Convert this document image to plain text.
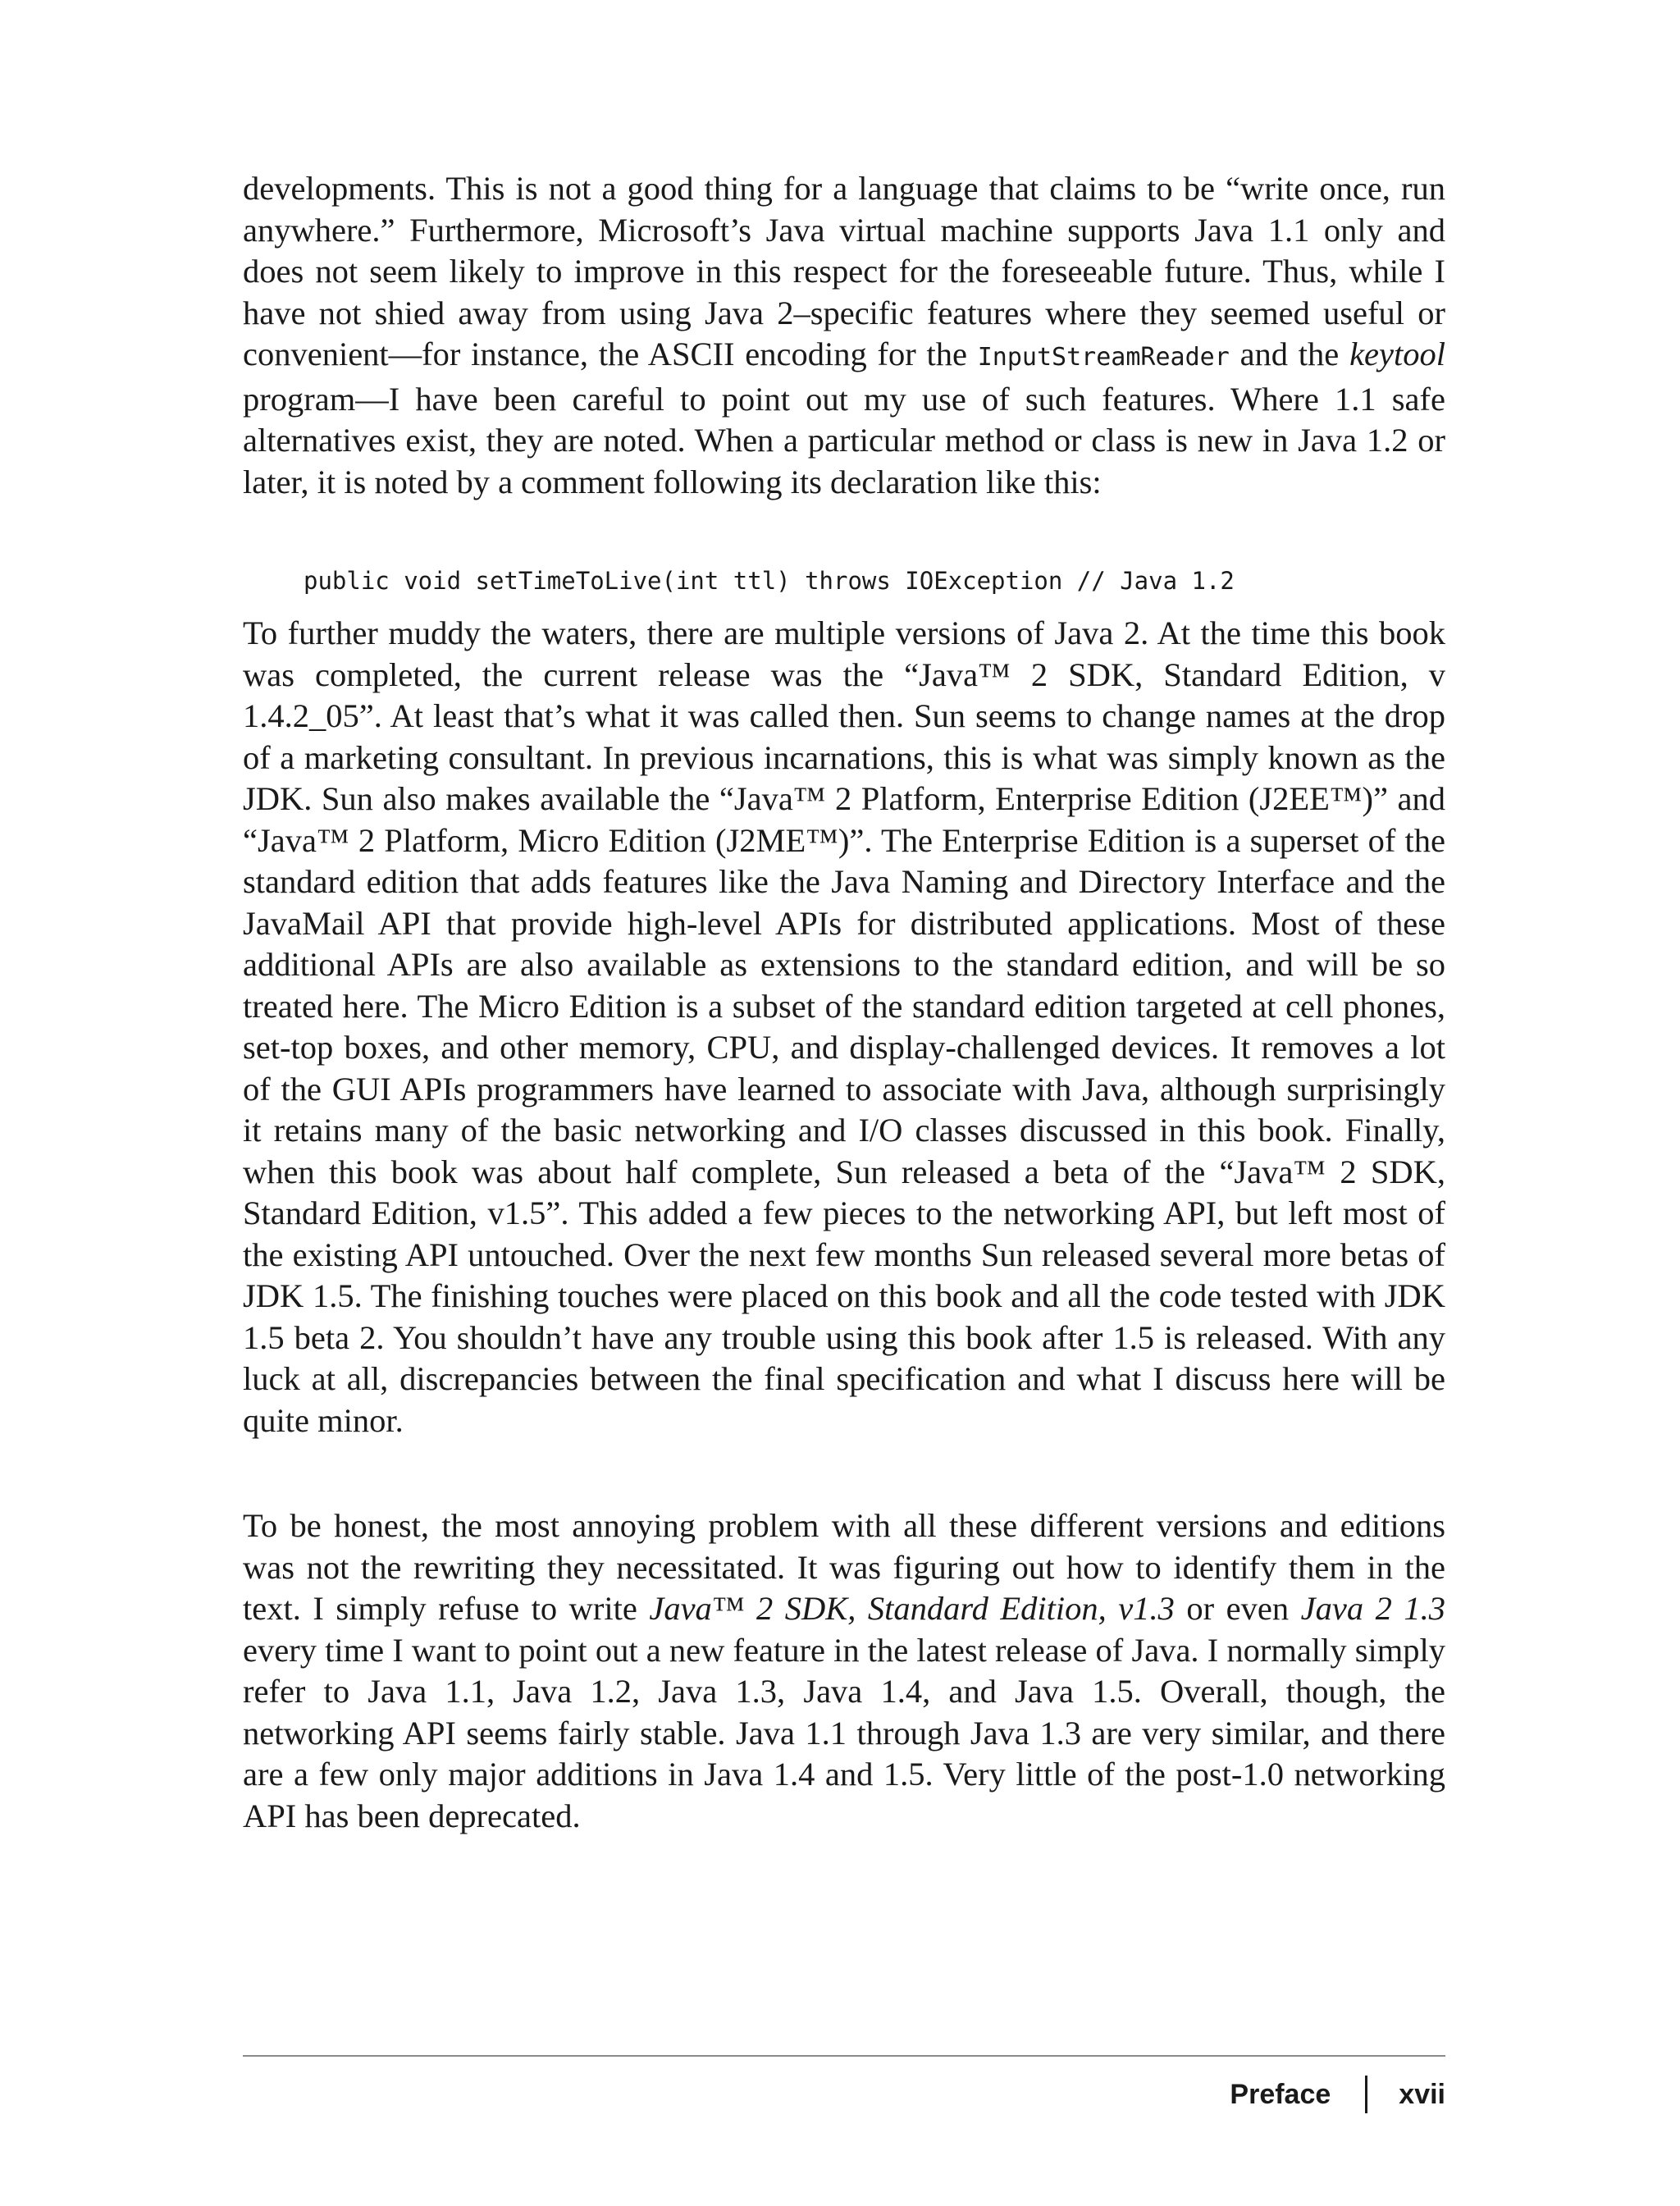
developments. This is not a good thing for a language that claims to be “write once, run anywhere.” Furthermore, Microsoft’s Java virtual machine supports Java 1.1 only and does not seem likely to improve in this respect for the foreseeable future. Thus, while I have not shied away from using Java 2–specific features where they seemed useful or convenient—for instance, the ASCII encoding for the InputStreamReader and the keytool program—I have been careful to point out my use of such features. Where 1.1 safe alternatives exist, they are noted. When a particular method or class is new in Java 1.2 or later, it is noted by a comment following its declaration like this:

public void setTimeToLive(int ttl) throws IOException // Java 1.2

To further muddy the waters, there are multiple versions of Java 2. At the time this book was completed, the current release was the “Java™ 2 SDK, Standard Edition, v 1.4.2_05”. At least that’s what it was called then. Sun seems to change names at the drop of a marketing consultant. In previous incarnations, this is what was simply known as the JDK. Sun also makes available the “Java™ 2 Platform, Enterprise Edition (J2EE™)” and “Java™ 2 Platform, Micro Edition (J2ME™)”. The Enterprise Edition is a superset of the standard edition that adds features like the Java Naming and Directory Interface and the JavaMail API that provide high-level APIs for distributed applications. Most of these additional APIs are also available as extensions to the standard edition, and will be so treated here. The Micro Edition is a subset of the standard edition targeted at cell phones, set-top boxes, and other memory, CPU, and display-challenged devices. It removes a lot of the GUI APIs programmers have learned to associate with Java, although surprisingly it retains many of the basic networking and I/O classes discussed in this book. Finally, when this book was about half complete, Sun released a beta of the “Java™ 2 SDK, Standard Edition, v1.5”. This added a few pieces to the networking API, but left most of the existing API untouched. Over the next few months Sun released several more betas of JDK 1.5. The finishing touches were placed on this book and all the code tested with JDK 1.5 beta 2. You shouldn’t have any trouble using this book after 1.5 is released. With any luck at all, discrepancies between the final specification and what I discuss here will be quite minor.

To be honest, the most annoying problem with all these different versions and editions was not the rewriting they necessitated. It was figuring out how to identify them in the text. I simply refuse to write Java™ 2 SDK, Standard Edition, v1.3 or even Java 2 1.3 every time I want to point out a new feature in the latest release of Java. I normally simply refer to Java 1.1, Java 1.2, Java 1.3, Java 1.4, and Java 1.5. Overall, though, the networking API seems fairly stable. Java 1.1 through Java 1.3 are very similar, and there are a few only major additions in Java 1.4 and 1.5. Very little of the post-1.0 networking API has been deprecated.

Preface xvii
